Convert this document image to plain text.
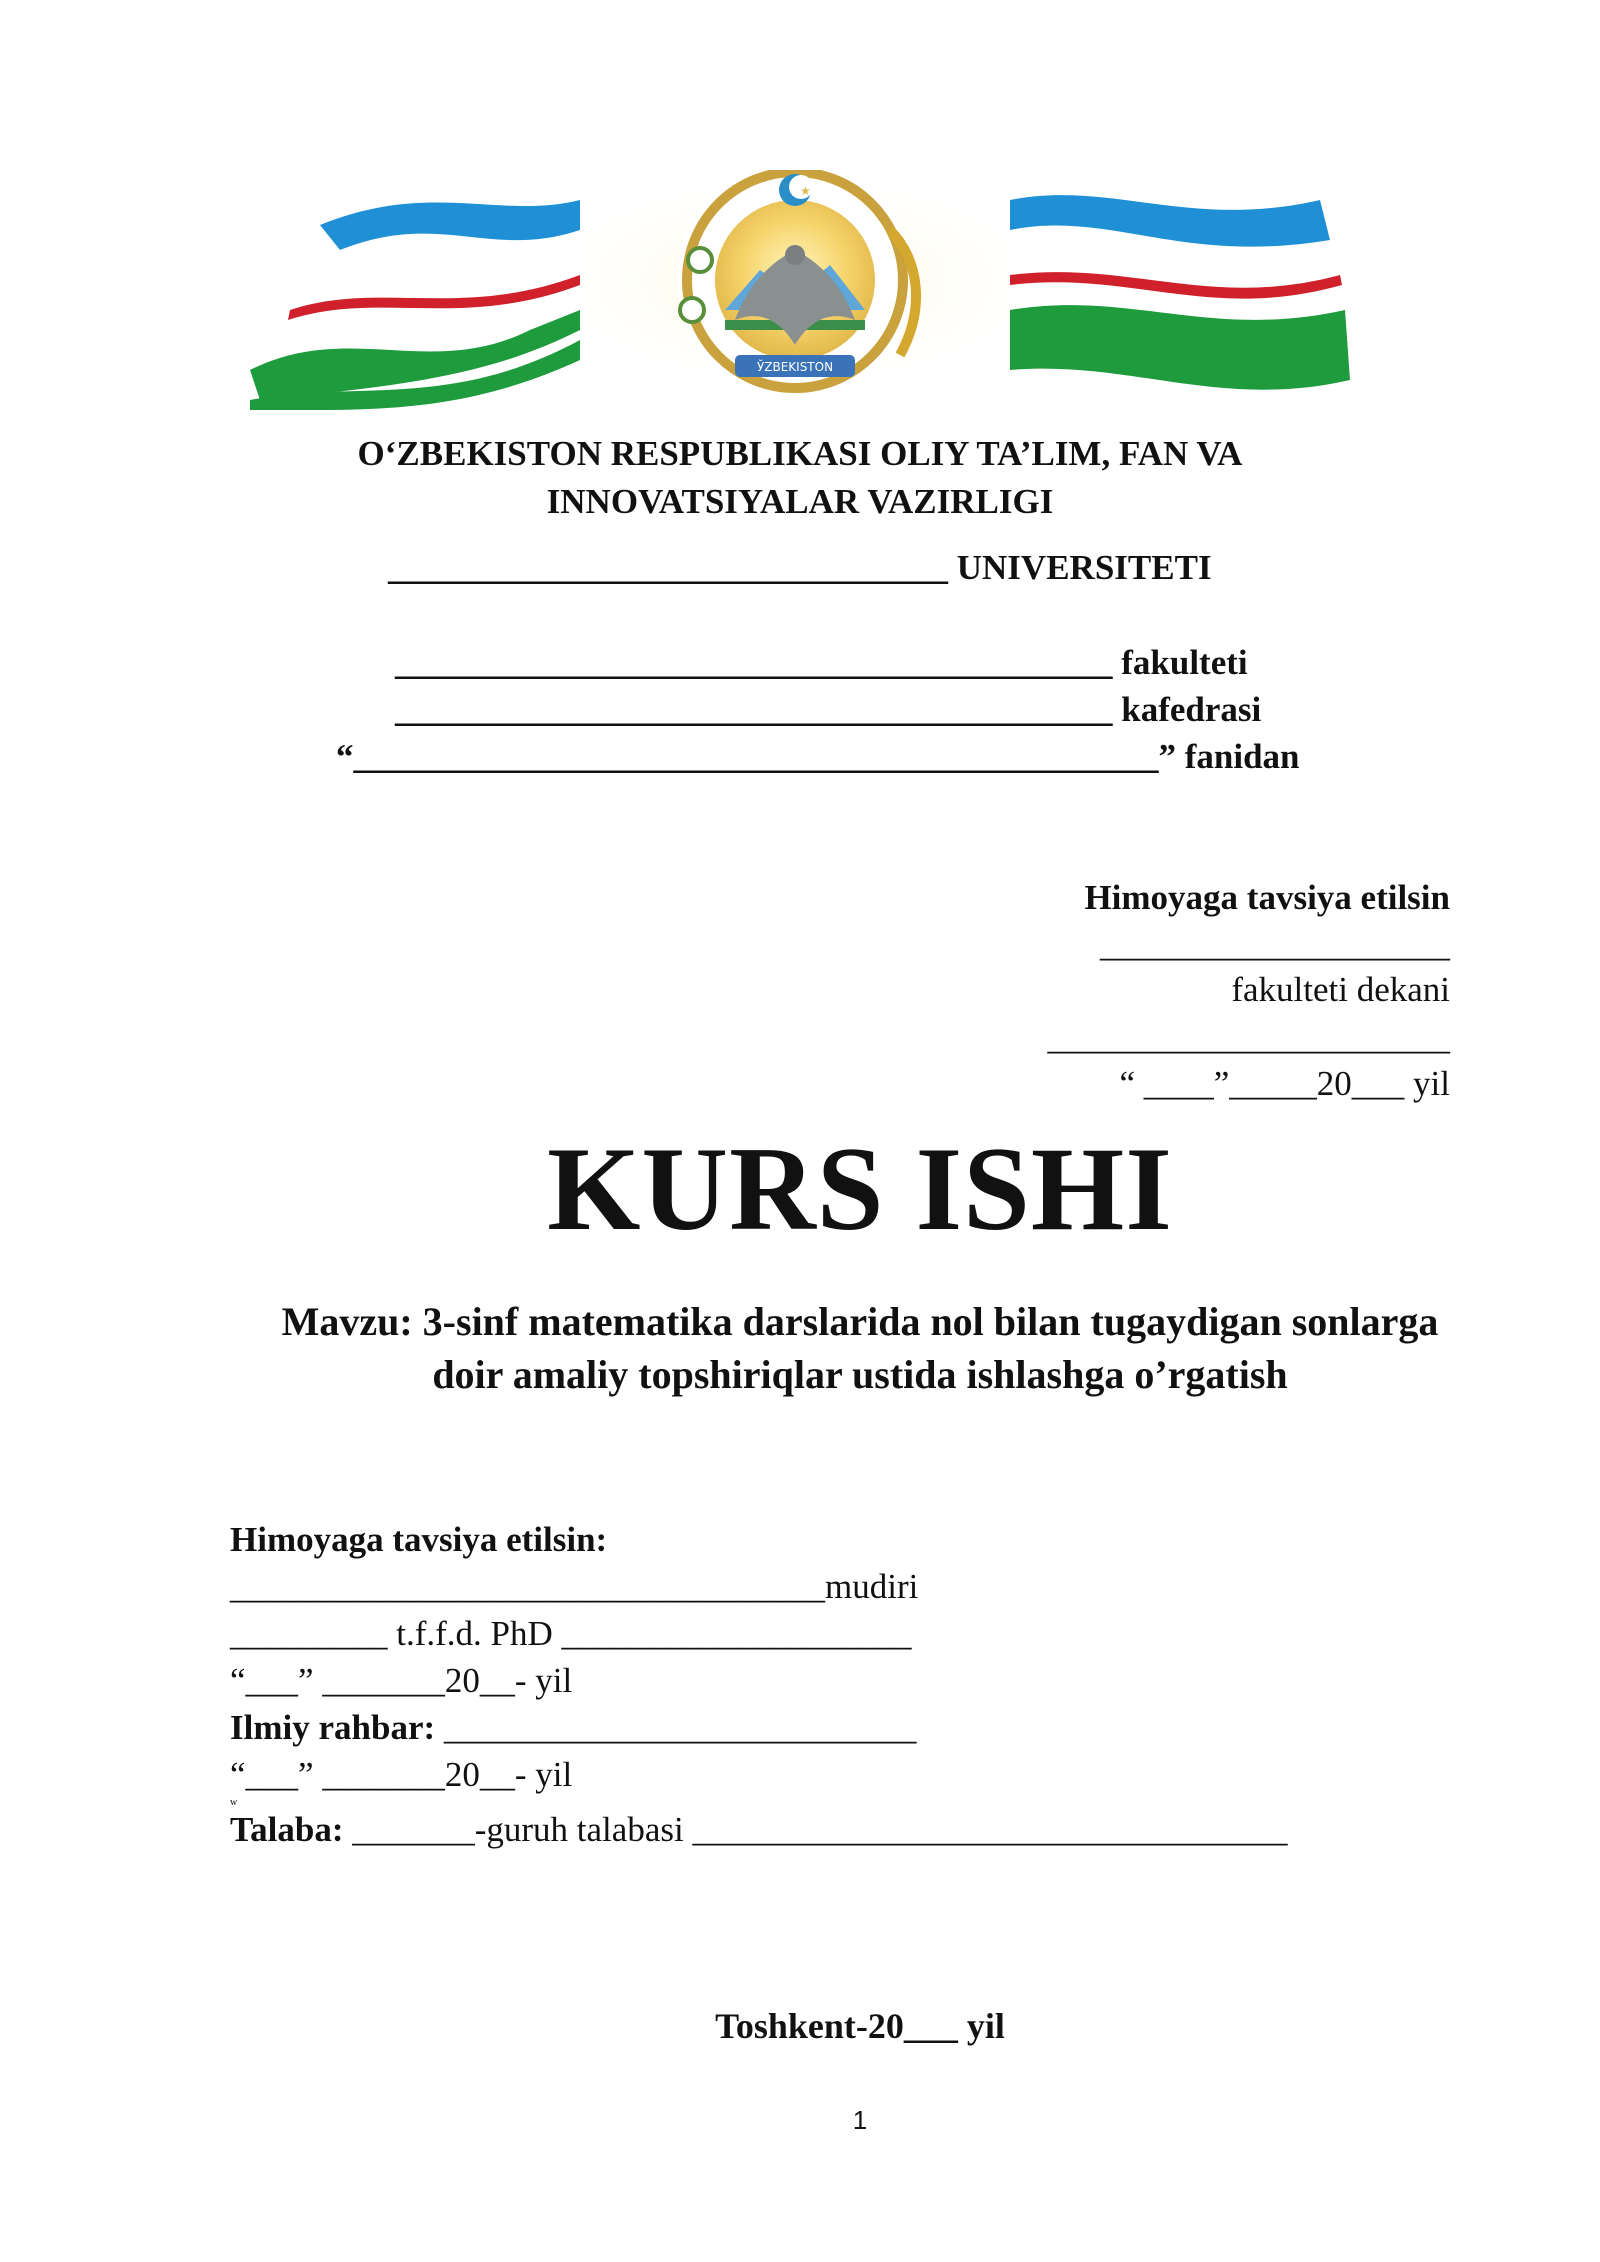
★
ЎZBEKISTON
O‘ZBEKISTON RESPUBLIKASI OLIY TA’LIM, FAN VA
INNOVATSIYALAR VAZIRLIGI
________________________________ UNIVERSITETI
_________________________________________ fakulteti
_________________________________________ kafedrasi
“______________________________________________” fanidan
Himoyaga tavsiya etilsin
____________________
fakulteti dekani
_______________________
“ ____”_____20___ yil
KURS ISHI
Mavzu: 3-sinf matematika darslarida nol bilan tugaydigan sonlarga
doir amaliy topshiriqlar ustida ishlashga o’rgatish
Himoyaga tavsiya etilsin:
__________________________________mudiri
_________ t.f.f.d. PhD ____________________
“___” _______20__- yil
Ilmiy rahbar: ___________________________
“___” _______20__- yil
w
Talaba: _______-guruh talabasi __________________________________
Toshkent-20___ yil
1
